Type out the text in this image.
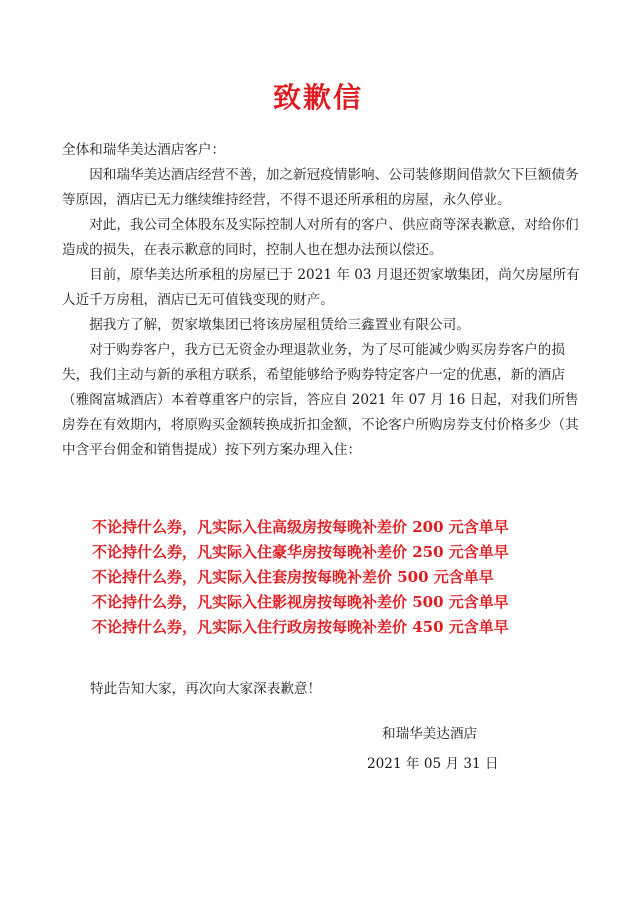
致歉信
全体和瑞华美达酒店客户：

因和瑞华美达酒店经营不善，加之新冠疫情影响、公司装修期间借款欠下巨额债务等原因，酒店已无力继续维持经营，不得不退还所承租的房屋，永久停业。

对此，我公司全体股东及实际控制人对所有的客户、供应商等深表歉意，对给你们造成的损失，在表示歉意的同时，控制人也在想办法预以偿还。

目前，原华美达所承租的房屋已于 2021 年 03 月退还贺家墩集团，尚欠房屋所有人近千万房租，酒店已无可值钱变现的财产。

据我方了解，贺家墩集团已将该房屋租赁给三鑫置业有限公司。

对于购券客户，我方已无资金办理退款业务，为了尽可能减少购买房券客户的损失，我们主动与新的承租方联系，希望能够给予购券特定客户一定的优惠，新的酒店（雅阁富城酒店）本着尊重客户的宗旨，答应自 2021 年 07 月 16 日起，对我们所售房券在有效期内，将原购买金额转换成折扣金额，不论客户所购房券支付价格多少（其中含平台佣金和销售提成）按下列方案办理入住：

不论持什么券，凡实际入住高级房按每晚补差价 200 元含单早
不论持什么券，凡实际入住豪华房按每晚补差价 250 元含单早
不论持什么券，凡实际入住套房按每晚补差价 500 元含单早
不论持什么券，凡实际入住影视房按每晚补差价 500 元含单早
不论持什么券，凡实际入住行政房按每晚补差价 450 元含单早
特此告知大家，再次向大家深表歉意！
和瑞华美达酒店
2021 年 05 月 31 日
